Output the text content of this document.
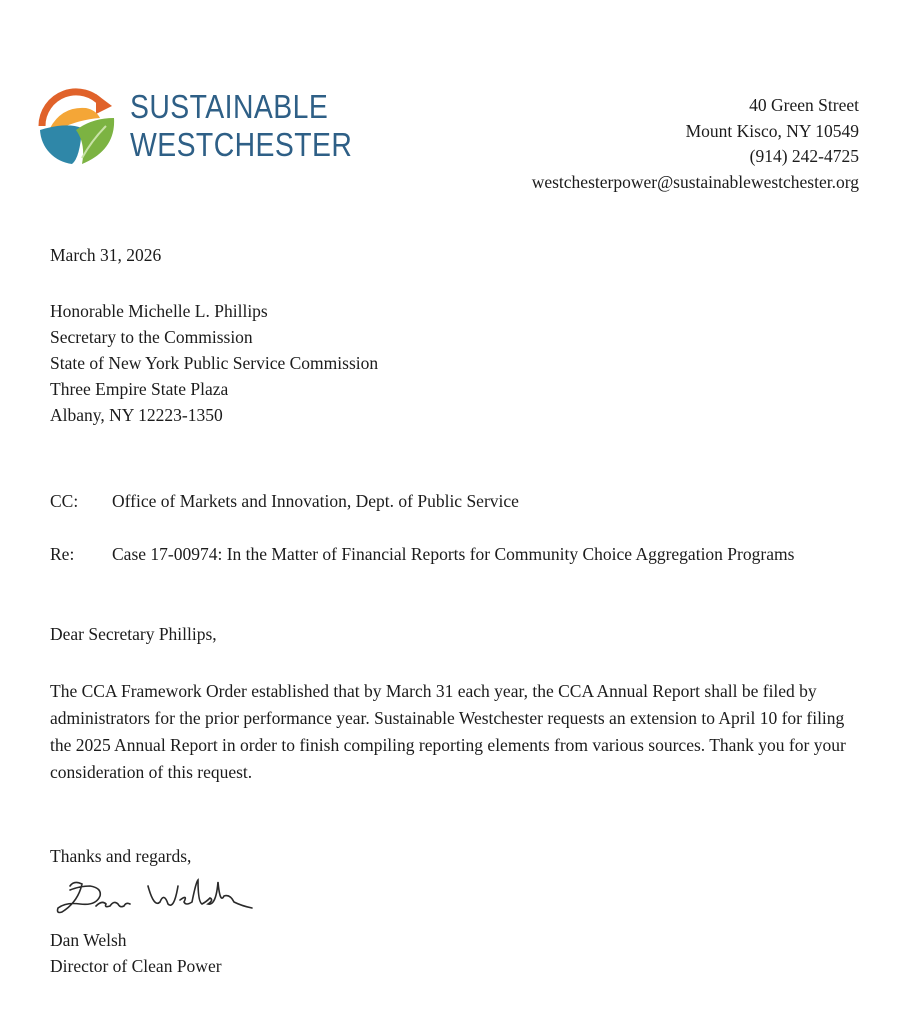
SUSTAINABLE
WESTCHESTER
40 Green Street
Mount Kisco, NY 10549
(914) 242-4725
westchesterpower@sustainablewestchester.org
March 31, 2026
Honorable Michelle L. Phillips
Secretary to the Commission
State of New York Public Service Commission
Three Empire State Plaza
Albany, NY 12223-1350
CC:	Office of Markets and Innovation, Dept. of Public Service
Re:	Case 17-00974: In the Matter of Financial Reports for Community Choice Aggregation Programs
Dear Secretary Phillips,
The CCA Framework Order established that by March 31 each year, the CCA Annual Report shall be filed by administrators for the prior performance year. Sustainable Westchester requests an extension to April 10 for filing the 2025 Annual Report in order to finish compiling reporting elements from various sources. Thank you for your consideration of this request.
Thanks and regards,
Dan Welsh
Director of Clean Power
